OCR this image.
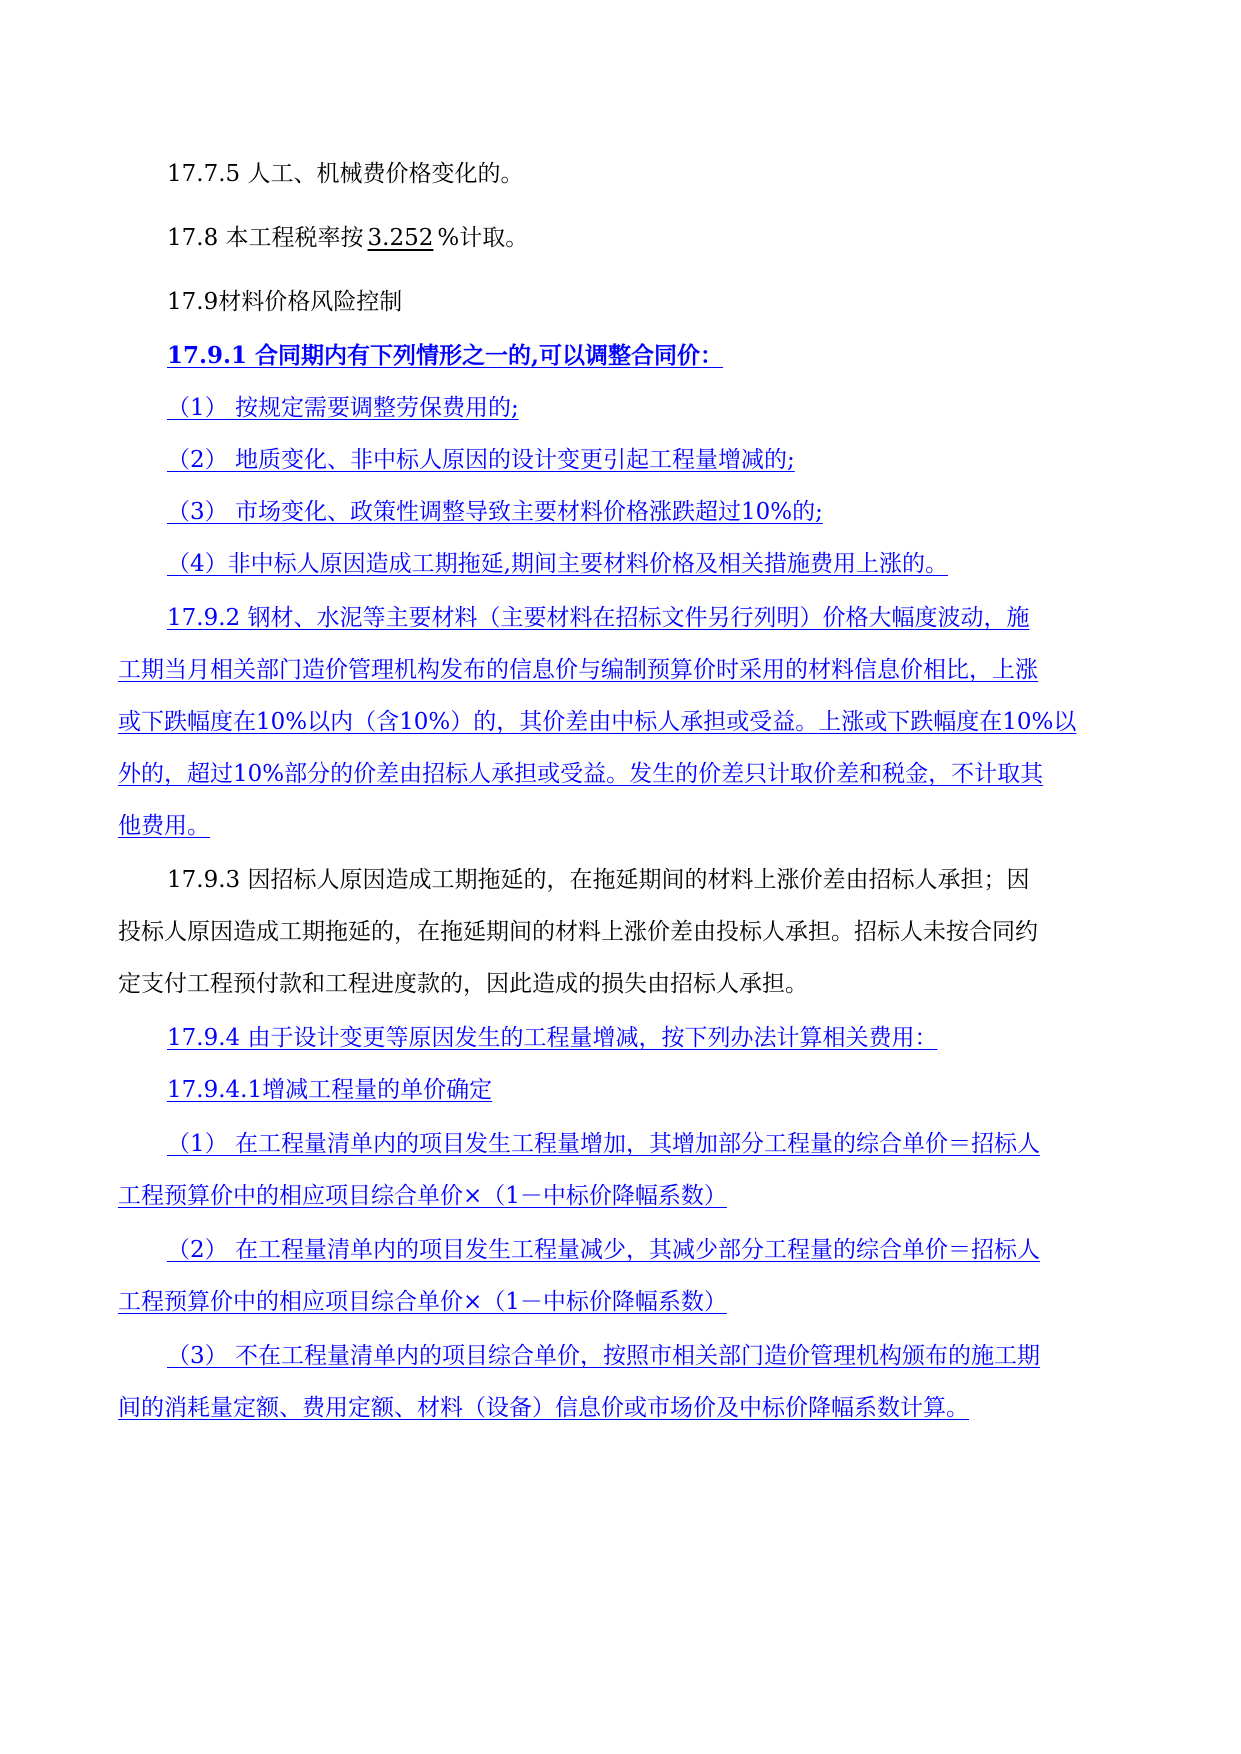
17.7.5 人工、机械费价格变化的。

17.8 本工程税率按 3.252 %计取。

17.9材料价格风险控制

17.9.1 合同期内有下列情形之一的,可以调整合同价：

（1） 按规定需要调整劳保费用的;

（2） 地质变化、非中标人原因的设计变更引起工程量增减的;

（3） 市场变化、政策性调整导致主要材料价格涨跌超过10%的;

（4）非中标人原因造成工期拖延,期间主要材料价格及相关措施费用上涨的。

17.9.2 钢材、水泥等主要材料（主要材料在招标文件另行列明）价格大幅度波动，施

工期当月相关部门造价管理机构发布的信息价与编制预算价时采用的材料信息价相比，上涨

或下跌幅度在10%以内（含10%）的，其价差由中标人承担或受益。上涨或下跌幅度在10%以

外的，超过10%部分的价差由招标人承担或受益。发生的价差只计取价差和税金，不计取其

他费用。

17.9.3 因招标人原因造成工期拖延的，在拖延期间的材料上涨价差由招标人承担；因

投标人原因造成工期拖延的，在拖延期间的材料上涨价差由投标人承担。招标人未按合同约

定支付工程预付款和工程进度款的，因此造成的损失由招标人承担。

17.9.4 由于设计变更等原因发生的工程量增减，按下列办法计算相关费用：

17.9.4.1增减工程量的单价确定

（1） 在工程量清单内的项目发生工程量增加，其增加部分工程量的综合单价＝招标人

工程预算价中的相应项目综合单价×（1－中标价降幅系数）

（2） 在工程量清单内的项目发生工程量减少，其减少部分工程量的综合单价＝招标人

工程预算价中的相应项目综合单价×（1－中标价降幅系数）

（3） 不在工程量清单内的项目综合单价，按照市相关部门造价管理机构颁布的施工期

间的消耗量定额、费用定额、材料（设备）信息价或市场价及中标价降幅系数计算。
